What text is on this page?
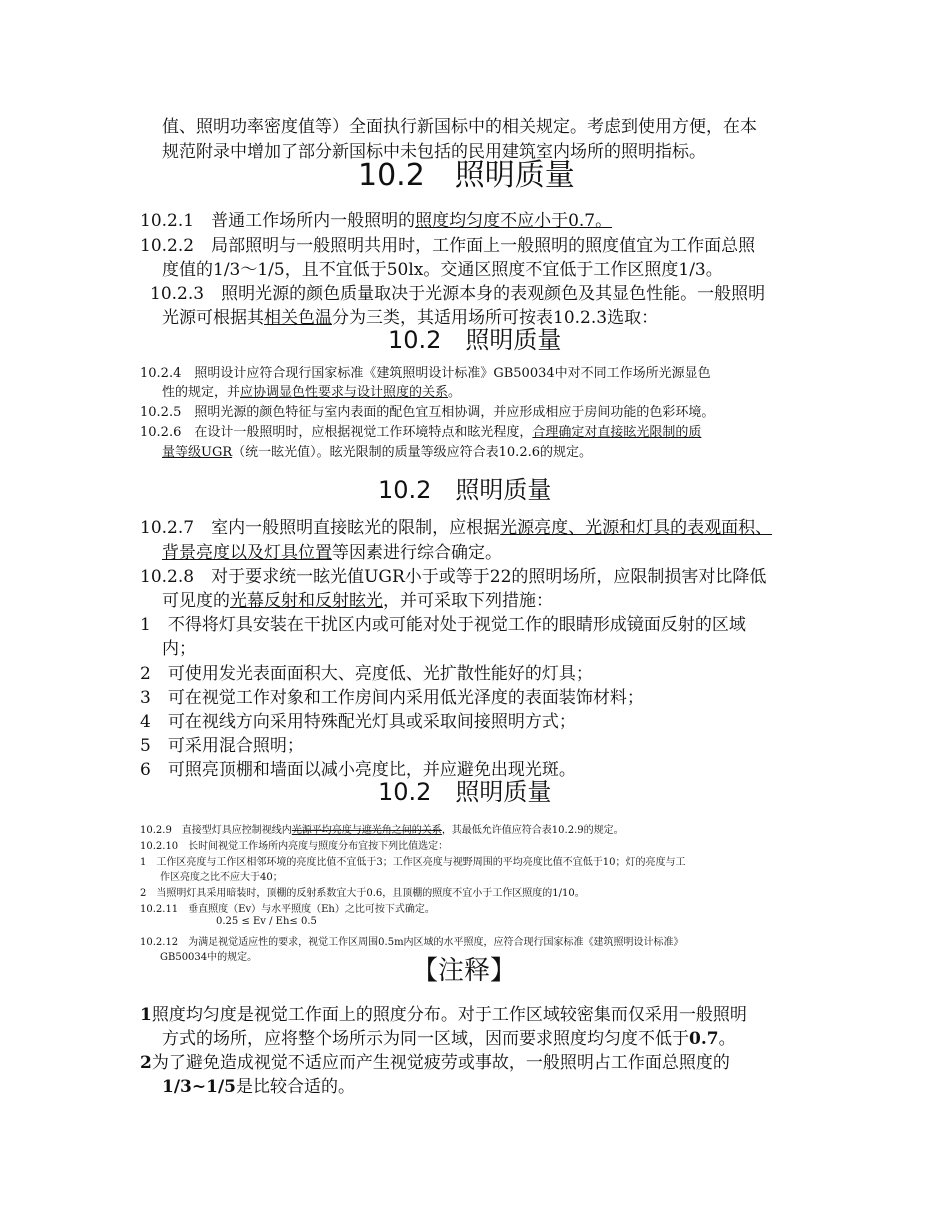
值、照明功率密度值等）全面执行新国标中的相关规定。考虑到使用方便，在本
规范附录中增加了部分新国标中未包括的民用建筑室内场所的照明指标。
10.2　照明质量
10.2.1　普通工作场所内一般照明的照度均匀度不应小于0.7。
10.2.2　局部照明与一般照明共用时，工作面上一般照明的照度值宜为工作面总照
度值的1/3～1/5，且不宜低于50lx。交通区照度不宜低于工作区照度1/3。
10.2.3　照明光源的颜色质量取决于光源本身的表观颜色及其显色性能。一般照明
光源可根据其相关色温分为三类，其适用场所可按表10.2.3选取：
10.2　照明质量
10.2.4　照明设计应符合现行国家标准《建筑照明设计标准》GB50034中对不同工作场所光源显色
性的规定，并应协调显色性要求与设计照度的关系。
10.2.5　照明光源的颜色特征与室内表面的配色宜互相协调，并应形成相应于房间功能的色彩环境。
10.2.6　在设计一般照明时，应根据视觉工作环境特点和眩光程度，合理确定对直接眩光限制的质
量等级UGR（统一眩光值）。眩光限制的质量等级应符合表10.2.6的规定。
10.2　照明质量
10.2.7　室内一般照明直接眩光的限制，应根据光源亮度、光源和灯具的表观面积、
背景亮度以及灯具位置等因素进行综合确定。
10.2.8　对于要求统一眩光值UGR小于或等于22的照明场所，应限制损害对比降低
可见度的光幕反射和反射眩光，并可采取下列措施：
1　不得将灯具安装在干扰区内或可能对处于视觉工作的眼睛形成镜面反射的区域
内；
2　可使用发光表面面积大、亮度低、光扩散性能好的灯具；
3　可在视觉工作对象和工作房间内采用低光泽度的表面装饰材料；
4　可在视线方向采用特殊配光灯具或采取间接照明方式；
5　可采用混合照明；
6　可照亮顶棚和墙面以减小亮度比，并应避免出现光斑。
10.2　照明质量
10.2.9　直接型灯具应控制视线内光源平均亮度与遮光角之间的关系，其最低允许值应符合表10.2.9的规定。
10.2.10　长时间视觉工作场所内亮度与照度分布宜按下列比值选定：
1　工作区亮度与工作区相邻环境的亮度比值不宜低于3；工作区亮度与视野周围的平均亮度比值不宜低于10；灯的亮度与工
作区亮度之比不应大于40；
2　当照明灯具采用暗装时，顶棚的反射系数宜大于0.6，且顶棚的照度不宜小于工作区照度的1/10。
10.2.11　垂直照度（Ev）与水平照度（Eh）之比可按下式确定。
0.25 ≤ Ev / Eh≤ 0.5
10.2.12　为满足视觉适应性的要求，视觉工作区周围0.5m内区域的水平照度，应符合现行国家标准《建筑照明设计标准》
GB50034中的规定。	【注释】
1照度均匀度是视觉工作面上的照度分布。对于工作区域较密集而仅采用一般照明
方式的场所，应将整个场所示为同一区域，因而要求照度均匀度不低于0.7。
2为了避免造成视觉不适应而产生视觉疲劳或事故，一般照明占工作面总照度的
1/3~1/5是比较合适的。
